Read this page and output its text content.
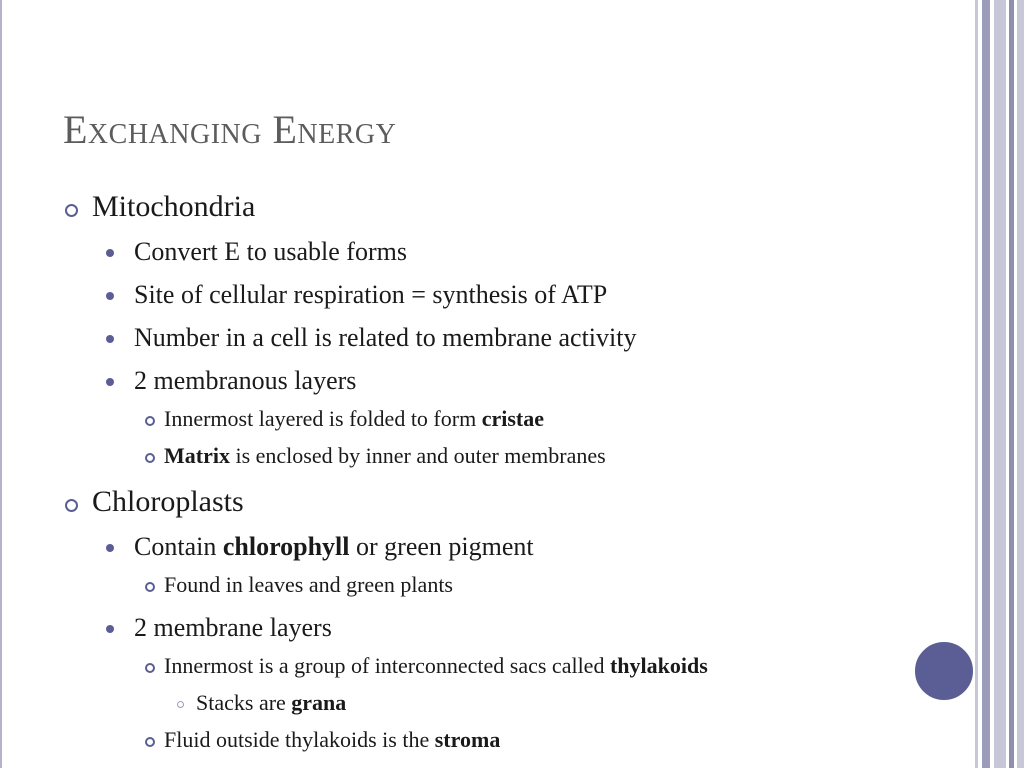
Exchanging Energy
Mitochondria
Convert E to usable forms
Site of cellular respiration = synthesis of ATP
Number in a cell is related to membrane activity
2 membranous layers
Innermost layered is folded to form cristae
Matrix is enclosed by inner and outer membranes
Chloroplasts
Contain chlorophyll or green pigment
Found in leaves and green plants
2 membrane layers
Innermost is a group of interconnected sacs called thylakoids
Stacks are grana
Fluid outside thylakoids is the stroma
